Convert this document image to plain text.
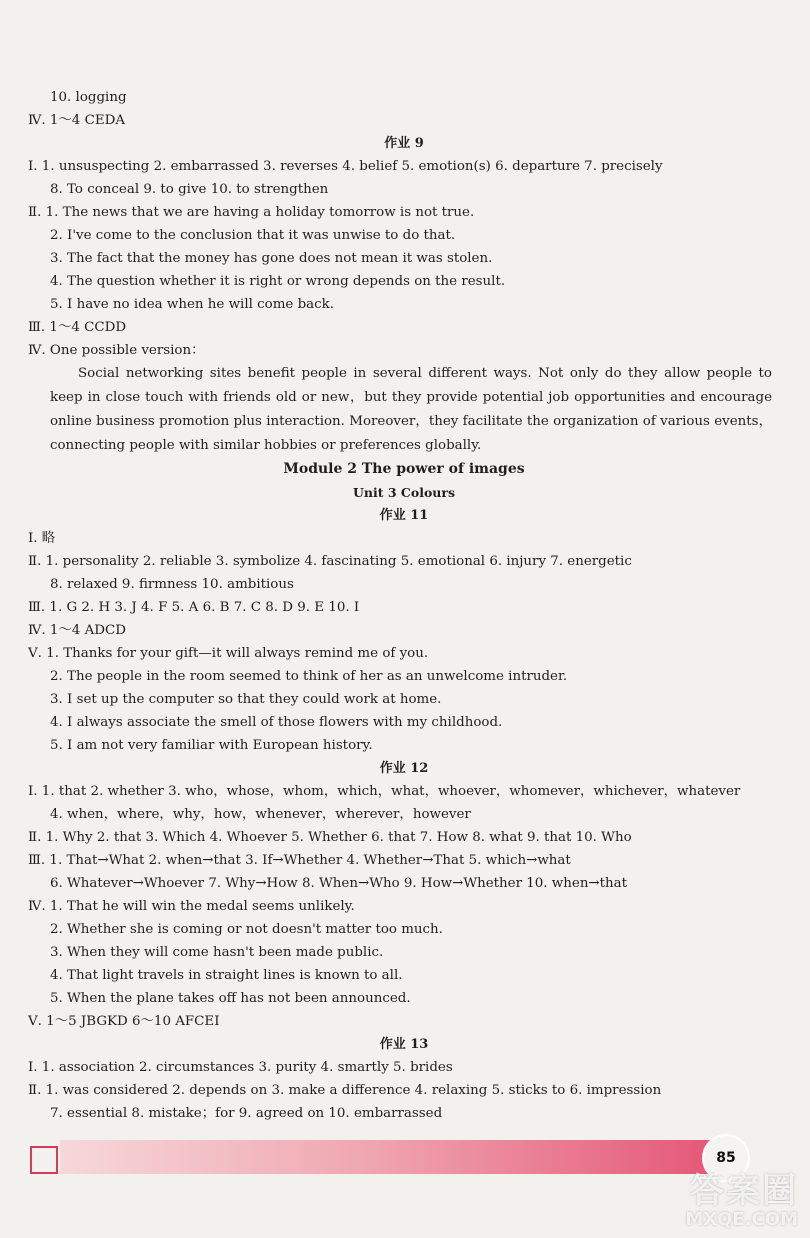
10. logging
Ⅳ. 1～4 CEDA
作业 9
Ⅰ. 1. unsuspecting 2. embarrassed 3. reverses 4. belief 5. emotion(s) 6. departure 7. precisely
8. To conceal 9. to give 10. to strengthen
Ⅱ. 1. The news that we are having a holiday tomorrow is not true.
2. I've come to the conclusion that it was unwise to do that.
3. The fact that the money has gone does not mean it was stolen.
4. The question whether it is right or wrong depends on the result.
5. I have no idea when he will come back.
Ⅲ. 1～4 CCDD
Ⅳ. One possible version：
Social networking sites benefit people in several different ways. Not only do they allow people to keep in close touch with friends old or new，but they provide potential job opportunities and encourage online business promotion plus interaction. Moreover，they facilitate the organization of various events，connecting people with similar hobbies or preferences globally.
Module 2 The power of images
Unit 3 Colours
作业 11
Ⅰ. 略
Ⅱ. 1. personality 2. reliable 3. symbolize 4. fascinating 5. emotional 6. injury 7. energetic
8. relaxed 9. firmness 10. ambitious
Ⅲ. 1. G 2. H 3. J 4. F 5. A 6. B 7. C 8. D 9. E 10. I
Ⅳ. 1～4 ADCD
Ⅴ. 1. Thanks for your gift—it will always remind me of you.
2. The people in the room seemed to think of her as an unwelcome intruder.
3. I set up the computer so that they could work at home.
4. I always associate the smell of those flowers with my childhood.
5. I am not very familiar with European history.
作业 12
Ⅰ. 1. that 2. whether 3. who，whose，whom，which，what，whoever，whomever，whichever，whatever
4. when，where，why，how，whenever，wherever，however
Ⅱ. 1. Why 2. that 3. Which 4. Whoever 5. Whether 6. that 7. How 8. what 9. that 10. Who
Ⅲ. 1. That→What 2. when→that 3. If→Whether 4. Whether→That 5. which→what
6. Whatever→Whoever 7. Why→How 8. When→Who 9. How→Whether 10. when→that
Ⅳ. 1. That he will win the medal seems unlikely.
2. Whether she is coming or not doesn't matter too much.
3. When they will come hasn't been made public.
4. That light travels in straight lines is known to all.
5. When the plane takes off has not been announced.
Ⅴ. 1～5 JBGKD 6～10 AFCEI
作业 13
Ⅰ. 1. association 2. circumstances 3. purity 4. smartly 5. brides
Ⅱ. 1. was considered 2. depends on 3. make a difference 4. relaxing 5. sticks to 6. impression
7. essential 8. mistake；for 9. agreed on 10. embarrassed
85
答案圈
MXQE.COM
